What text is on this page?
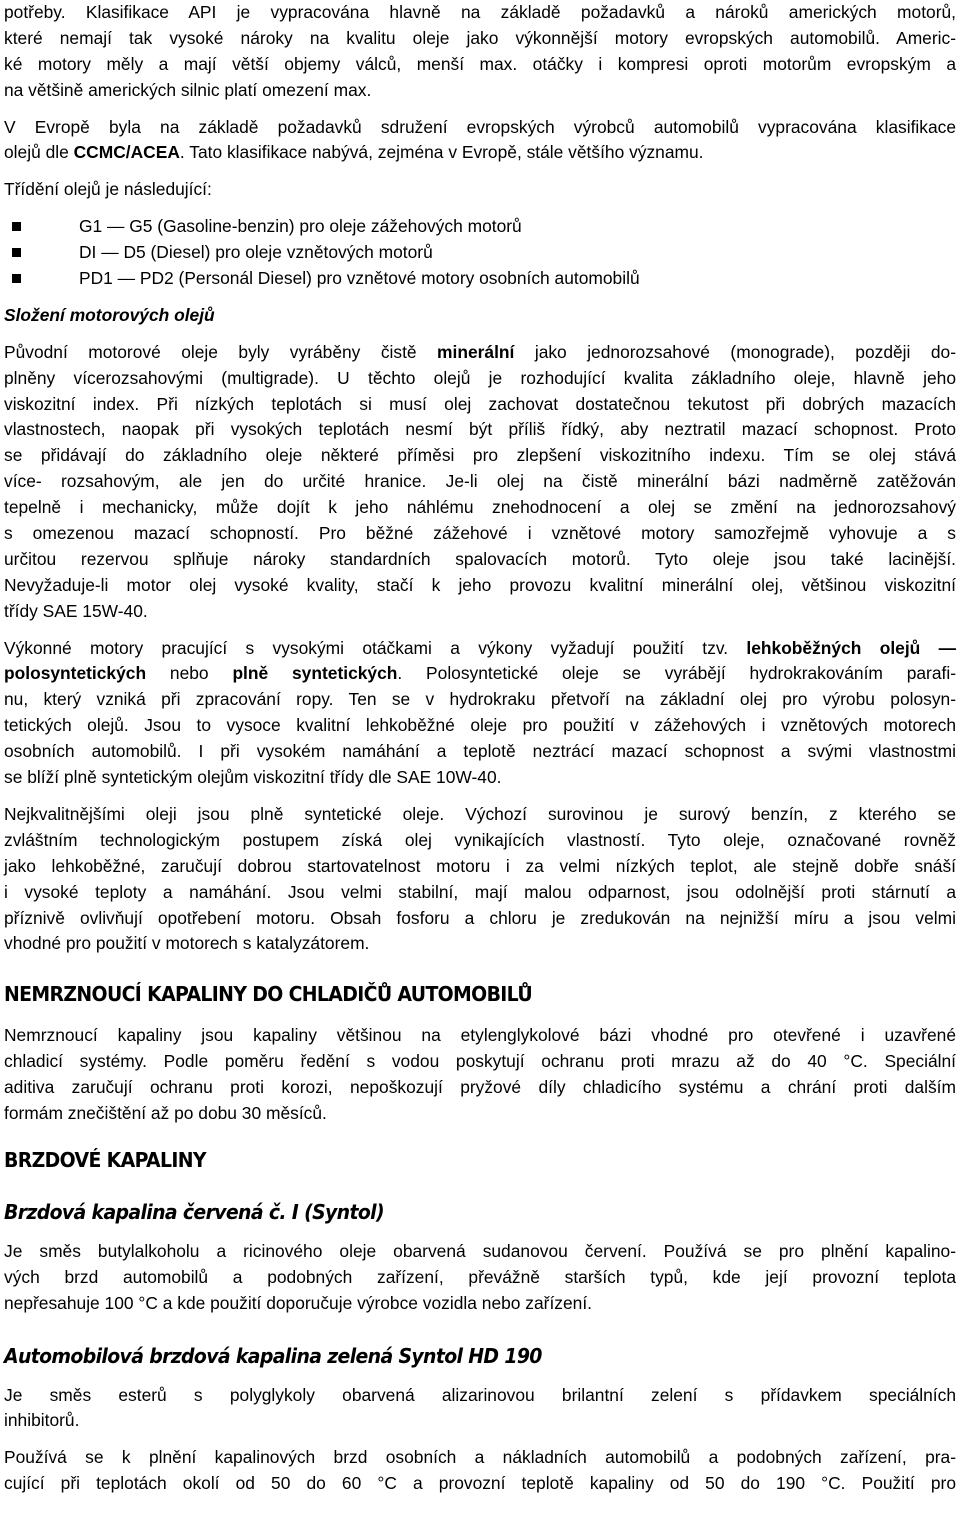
potřeby. Klasifikace API je vypracována hlavně na základě požadavků a nároků amerických motorů,
které nemají tak vysoké nároky na kvalitu oleje jako výkonnější motory evropských automobilů. Americ-
ké motory měly a mají větší objemy válců, menší max. otáčky i kompresi oproti motorům evropským a
na většině amerických silnic platí omezení max.
V Evropě byla na základě požadavků sdružení evropských výrobců automobilů vypracována klasifikace
olejů dle CCMC/ACEA. Tato klasifikace nabývá, zejména v Evropě, stále většího významu.
Třídění olejů je následující:
G1 — G5 (Gasoline-benzin) pro oleje zážehových motorů
DI — D5 (Diesel) pro oleje vznětových motorů
PD1 — PD2 (Personál Diesel) pro vznětové motory osobních automobilů
Složení motorových olejů
Původní motorové oleje byly vyráběny čistě minerální jako jednorozsahové (monograde), později do-
plněny vícerozsahovými (multigrade). U těchto olejů je rozhodující kvalita základního oleje, hlavně jeho
viskozitní index. Při nízkých teplotách si musí olej zachovat dostatečnou tekutost při dobrých mazacích
vlastnostech, naopak při vysokých teplotách nesmí být příliš řídký, aby neztratil mazací schopnost. Proto
se přidávají do základního oleje některé příměsi pro zlepšení viskozitního indexu. Tím se olej stává
více- rozsahovým, ale jen do určité hranice. Je-li olej na čistě minerální bázi nadměrně zatěžován
tepelně i mechanicky, může dojít k jeho náhlému znehodnocení a olej se změní na jednorozsahový
s omezenou mazací schopností. Pro běžné zážehové i vznětové motory samozřejmě vyhovuje a s
určitou rezervou splňuje nároky standardních spalovacích motorů. Tyto oleje jsou také lacinější.
Nevyžaduje-li motor olej vysoké kvality, stačí k jeho provozu kvalitní minerální olej, většinou viskozitní
třídy SAE 15W-40.
Výkonné motory pracující s vysokými otáčkami a výkony vyžadují použití tzv. lehkoběžných olejů —
polosyntetických nebo plně syntetických. Polosyntetické oleje se vyrábějí hydrokrakováním parafi-
nu, který vzniká při zpracování ropy. Ten se v hydrokraku přetvoří na základní olej pro výrobu polosyn-
tetických olejů. Jsou to vysoce kvalitní lehkoběžné oleje pro použití v zážehových i vznětových motorech
osobních automobilů. I při vysokém namáhání a teplotě neztrácí mazací schopnost a svými vlastnostmi
se blíží plně syntetickým olejům viskozitní třídy dle SAE 10W-40.
Nejkvalitnějšími oleji jsou plně syntetické oleje. Výchozí surovinou je surový benzín, z kterého se
zvláštním technologickým postupem získá olej vynikajících vlastností. Tyto oleje, označované rovněž
jako lehkoběžné, zaručují dobrou startovatelnost motoru i za velmi nízkých teplot, ale stejně dobře snáší
i vysoké teploty a namáhání. Jsou velmi stabilní, mají malou odparnost, jsou odolnější proti stárnutí a
příznivě ovlivňují opotřebení motoru. Obsah fosforu a chloru je zredukován na nejnižší míru a jsou velmi
vhodné pro použití v motorech s katalyzátorem.
NEMRZNOUCÍ KAPALINY DO CHLADIČŮ AUTOMOBILŮ
Nemrznoucí kapaliny jsou kapaliny většinou na etylenglykolové bázi vhodné pro otevřené i uzavřené
chladicí systémy. Podle poměru ředění s vodou poskytují ochranu proti mrazu až do 40 °C. Speciální
aditiva zaručují ochranu proti korozi, nepoškozují pryžové díly chladicího systému a chrání proti dalším
formám znečištění až po dobu 30 měsíců.
BRZDOVÉ KAPALINY
Brzdová kapalina červená č. I (Syntol)
Je směs butylalkoholu a ricinového oleje obarvená sudanovou červení. Používá se pro plnění kapalino-
vých brzd automobilů a podobných zařízení, převážně starších typů, kde její provozní teplota
nepřesahuje 100 °C a kde použití doporučuje výrobce vozidla nebo zařízení.
Automobilová brzdová kapalina zelená Syntol HD 190
Je směs esterů s polyglykoly obarvená alizarinovou brilantní zelení s přídavkem speciálních
inhibitorů.
Používá se k plnění kapalinových brzd osobních a nákladních automobilů a podobných zařízení, pra-
cující při teplotách okolí od 50 do 60 °C a provozní teplotě kapaliny od 50 do 190 °C. Použití pro
